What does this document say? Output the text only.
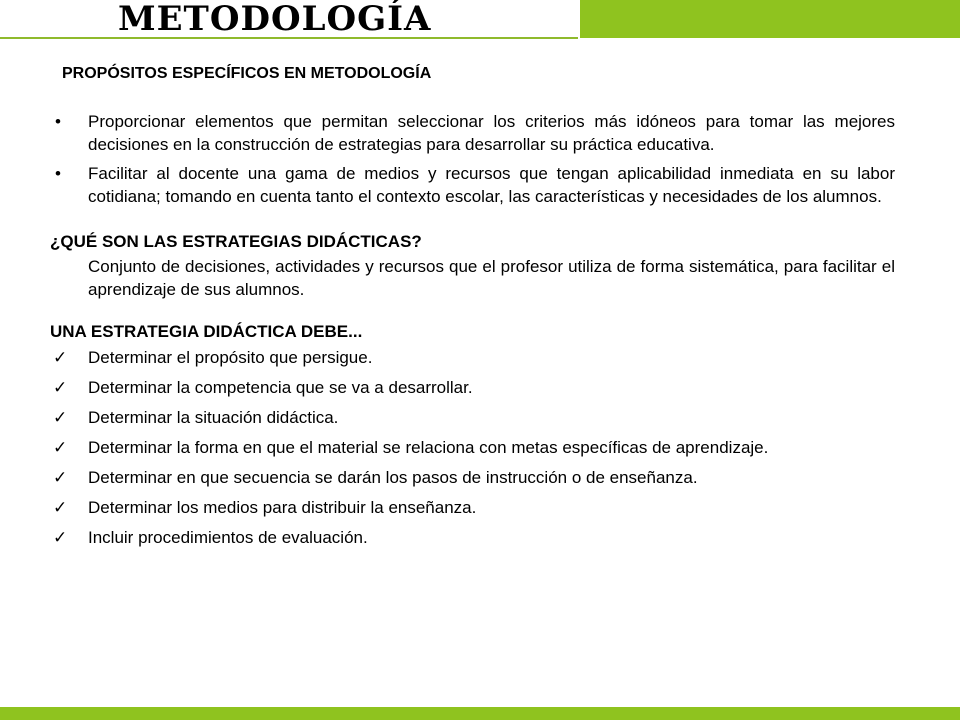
METODOLOGÍA
PROPÓSITOS ESPECÍFICOS EN METODOLOGÍA
• Proporcionar elementos que permitan seleccionar los criterios más idóneos para tomar las mejores decisiones en la construcción de estrategias para desarrollar su práctica educativa.
• Facilitar al docente una gama de medios y recursos que tengan aplicabilidad inmediata en su labor cotidiana; tomando en cuenta tanto el contexto escolar, las características y necesidades de los alumnos.
¿QUÉ SON LAS ESTRATEGIAS DIDÁCTICAS?
Conjunto de decisiones, actividades y recursos que el profesor utiliza de forma sistemática, para facilitar el aprendizaje de sus alumnos.
UNA ESTRATEGIA DIDÁCTICA DEBE...
✓ Determinar el propósito que persigue.
✓ Determinar la competencia que se va a desarrollar.
✓ Determinar la situación didáctica.
✓ Determinar la forma en que el material se relaciona con metas específicas de aprendizaje.
✓ Determinar en que secuencia se darán los pasos de instrucción o de enseñanza.
✓ Determinar los medios para distribuir la enseñanza.
✓ Incluir procedimientos de evaluación.
